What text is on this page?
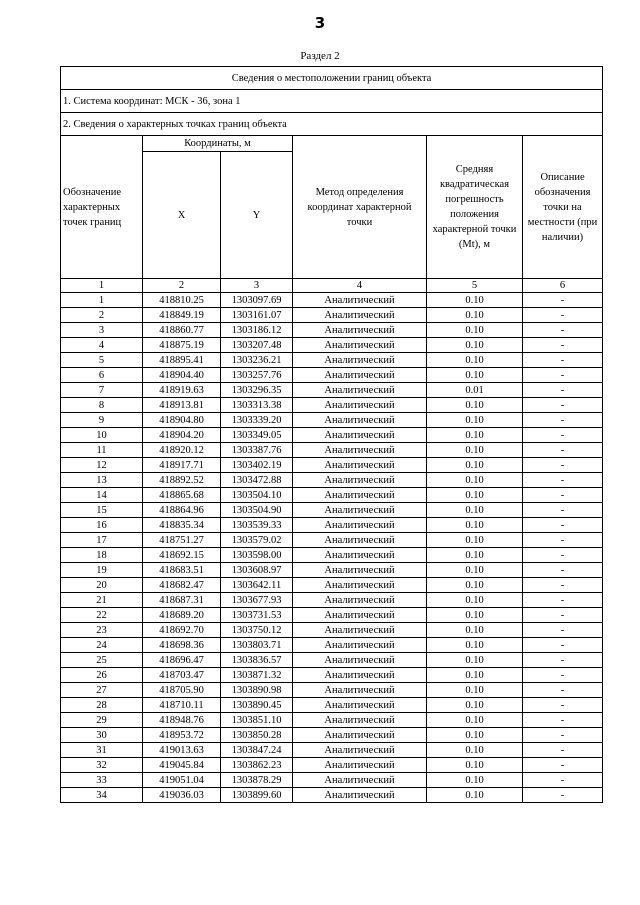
3
Раздел 2
Сведения о местоположении границ объекта					
1. Система координат: МСК - 36, зона 1					
2. Сведения о характерных точках границ объекта					
Обозначение характерных точек границ	Координаты, м		Метод определения координат характерной точки	Средняя квадратическая погрешность положения характерной точки (Mt), м	Описание обозначения точки на местности (при наличии)
	X	Y			
1	2	3	4	5	6
1	418810.25	1303097.69	Аналитический	0.10	-
2	418849.19	1303161.07	Аналитический	0.10	-
3	418860.77	1303186.12	Аналитический	0.10	-
4	418875.19	1303207.48	Аналитический	0.10	-
5	418895.41	1303236.21	Аналитический	0.10	-
6	418904.40	1303257.76	Аналитический	0.10	-
7	418919.63	1303296.35	Аналитический	0.01	-
8	418913.81	1303313.38	Аналитический	0.10	-
9	418904.80	1303339.20	Аналитический	0.10	-
10	418904.20	1303349.05	Аналитический	0.10	-
11	418920.12	1303387.76	Аналитический	0.10	-
12	418917.71	1303402.19	Аналитический	0.10	-
13	418892.52	1303472.88	Аналитический	0.10	-
14	418865.68	1303504.10	Аналитический	0.10	-
15	418864.96	1303504.90	Аналитический	0.10	-
16	418835.34	1303539.33	Аналитический	0.10	-
17	418751.27	1303579.02	Аналитический	0.10	-
18	418692.15	1303598.00	Аналитический	0.10	-
19	418683.51	1303608.97	Аналитический	0.10	-
20	418682.47	1303642.11	Аналитический	0.10	-
21	418687.31	1303677.93	Аналитический	0.10	-
22	418689.20	1303731.53	Аналитический	0.10	-
23	418692.70	1303750.12	Аналитический	0.10	-
24	418698.36	1303803.71	Аналитический	0.10	-
25	418696.47	1303836.57	Аналитический	0.10	-
26	418703.47	1303871.32	Аналитический	0.10	-
27	418705.90	1303890.98	Аналитический	0.10	-
28	418710.11	1303890.45	Аналитический	0.10	-
29	418948.76	1303851.10	Аналитический	0.10	-
30	418953.72	1303850.28	Аналитический	0.10	-
31	419013.63	1303847.24	Аналитический	0.10	-
32	419045.84	1303862.23	Аналитический	0.10	-
33	419051.04	1303878.29	Аналитический	0.10	-
34	419036.03	1303899.60	Аналитический	0.10	-
